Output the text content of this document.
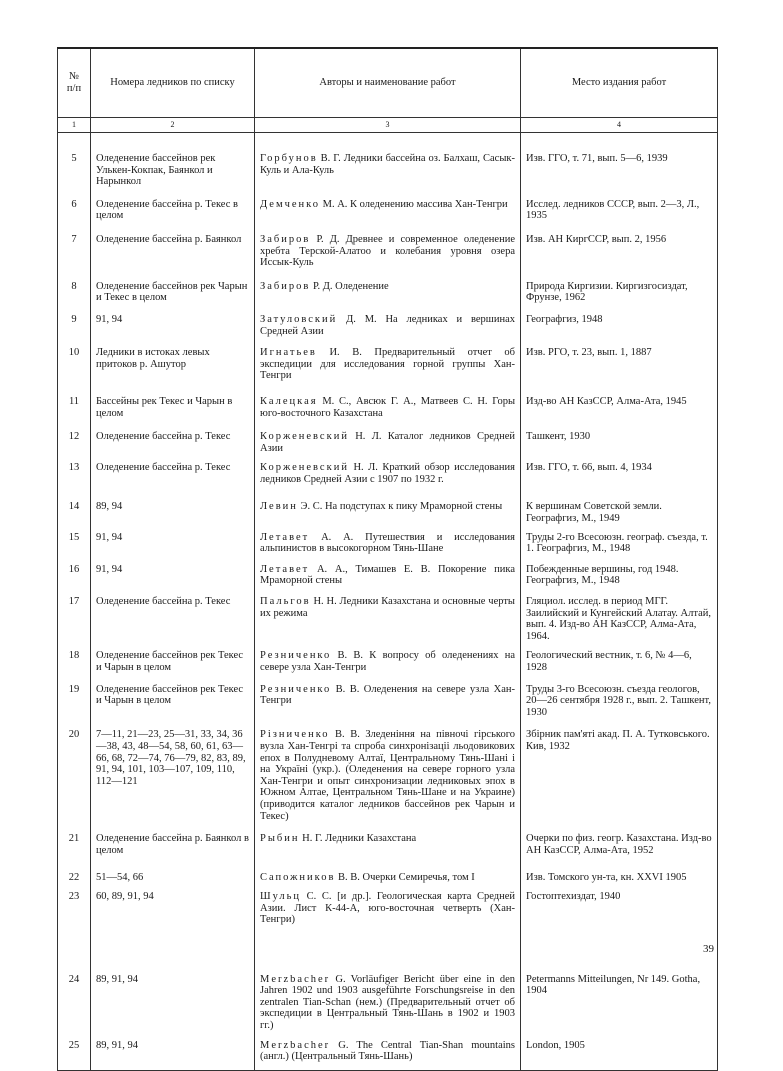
№
п/п	Номера ледников по списку	Авторы и наименование работ	Место издания работ
1	2	3	4

5	Оледенение бассейнов рек Улькен-Кокпак, Баянкол и Нарынкол	Горбунов В. Г. Ледники бассейна оз. Балхаш, Сасык-Куль и Ала-Куль	Изв. ГГО, т. 71, вып. 5—6, 1939

6	Оледенение бассейна р. Текес в целом	Демченко М. А. К оледенению массива Хан-Тенгри	Исслед. ледников СССР, вып. 2—3, Л., 1935

7	Оледенение бассейна р. Баянкол	Забиров Р. Д. Древнее и современное оледенение хребта Терской-Алатоо и колебания уровня озера Иссык-Куль	Изв. АН КиргССР, вып. 2, 1956

8	Оледенение бассейнов рек Чарын и Текес в целом	Забиров Р. Д. Оледенение	Природа Киргизии. Киргизгосиздат, Фрунзе, 1962

9	91, 94	Затуловский Д. М. На ледниках и вершинах Средней Азии	Географгиз, 1948

10	Ледники в истоках левых притоков р. Ашутор	Игнатьев И. В. Предварительный отчет об экспедиции для исследования горной группы Хан-Тенгри	Изв. РГО, т. 23, вып. 1, 1887

11	Бассейны рек Текес и Чарын в целом	Калецкая М. С., Авсюк Г. А., Матвеев С. Н. Горы юго-восточного Казахстана	Изд-во АН КазССР, Алма-Ата, 1945

12	Оледенение бассейна р. Текес	Корженевский Н. Л. Каталог ледников Средней Азии	Ташкент, 1930

13	Оледенение бассейна р. Текес	Корженевский Н. Л. Краткий обзор исследования ледников Средней Азии с 1907 по 1932 г.	Изв. ГГО, т. 66, вып. 4, 1934

14	89, 94	Левин Э. С. На подступах к пику Мраморной стены	К вершинам Советской земли. Географгиз, М., 1949

15	91, 94	Летавет А. А. Путешествия и исследования альпинистов в высокогорном Тянь-Шане	Труды 2-го Всесоюзн. географ. съезда, т. 1. Географгиз, М., 1948

16	91, 94	Летавет А. А., Тимашев Е. В. Покорение пика Мраморной стены	Побежденные вершины, год 1948. Географгиз, М., 1948

17	Оледенение бассейна р. Текес	Пальгов Н. Н. Ледники Казахстана и основные черты их режима	Гляциол. исслед. в период МГГ. Заилийский и Кунгейский Алатау. Алтай, вып. 4. Изд-во АН КазССР, Алма-Ата, 1964.

18	Оледенение бассейнов рек Текес и Чарын в целом	Резниченко В. В. К вопросу об оледенениях на севере узла Хан-Тенгри	Геологический вестник, т. 6, № 4—6, 1928

19	Оледенение бассейнов рек Текес и Чарын в целом	Резниченко В. В. Оледенения на севере узла Хан-Тенгри	Труды 3-го Всесоюзн. съезда геологов, 20—26 сентября 1928 г., вып. 2. Ташкент, 1930

20	7—11, 21—23, 25—31, 33, 34, 36—38, 43, 48—54, 58, 60, 61, 63—66, 68, 72—74, 76—79, 82, 83, 89, 91, 94, 101, 103—107, 109, 110, 112—121	Рiзниченко В. В. Зледенiння на пiвночi гiрського вузла Хан-Тенгрi та спроба синхронiзацii льодовикових епох в Полудневому Алтаї, Центральному Тянь-Шанi i на Украïнi (укр.). (Оледенения на севере горного узла Хан-Тенгри и опыт синхронизации ледниковых эпох в Южном Алтае, Центральном Тянь-Шане и на Украине) (приводится каталог ледников бассейнов рек Чарын и Текес)	Збiрник пам'ятi акад. П. А. Тутковського. Кив, 1932

21	Оледенение бассейна р. Баянкол в целом	Рыбин Н. Г. Ледники Казахстана	Очерки по физ. геогр. Казахстана. Изд-во АН КазССР, Алма-Ата, 1952

22	51—54, 66	Сапожников В. В. Очерки Семиречья, том I	Изв. Томского ун-та, кн. XXVI 1905

23	60, 89, 91, 94	Шульц С. С. [и др.]. Геологическая карта Средней Азии. Лист К-44-А, юго-восточная четверть (Хан-Тенгри)	Гостоптехиздат, 1940

24	89, 91, 94	Merzbacher G. Vorläufiger Bericht über eine in den Jahren 1902 und 1903 ausgeführte Forschungsreise in den zentralen Tian-Schan (нем.) (Предварительный отчет об экспедиции в Центральный Тянь-Шань в 1902 и 1903 гг.)	Petermanns Mitteilungen, Nr 149. Gotha, 1904

25	89, 91, 94	Merzbacher G. The Central Tian-Shan mountains (англ.) (Центральный Тянь-Шань)	London, 1905
39
